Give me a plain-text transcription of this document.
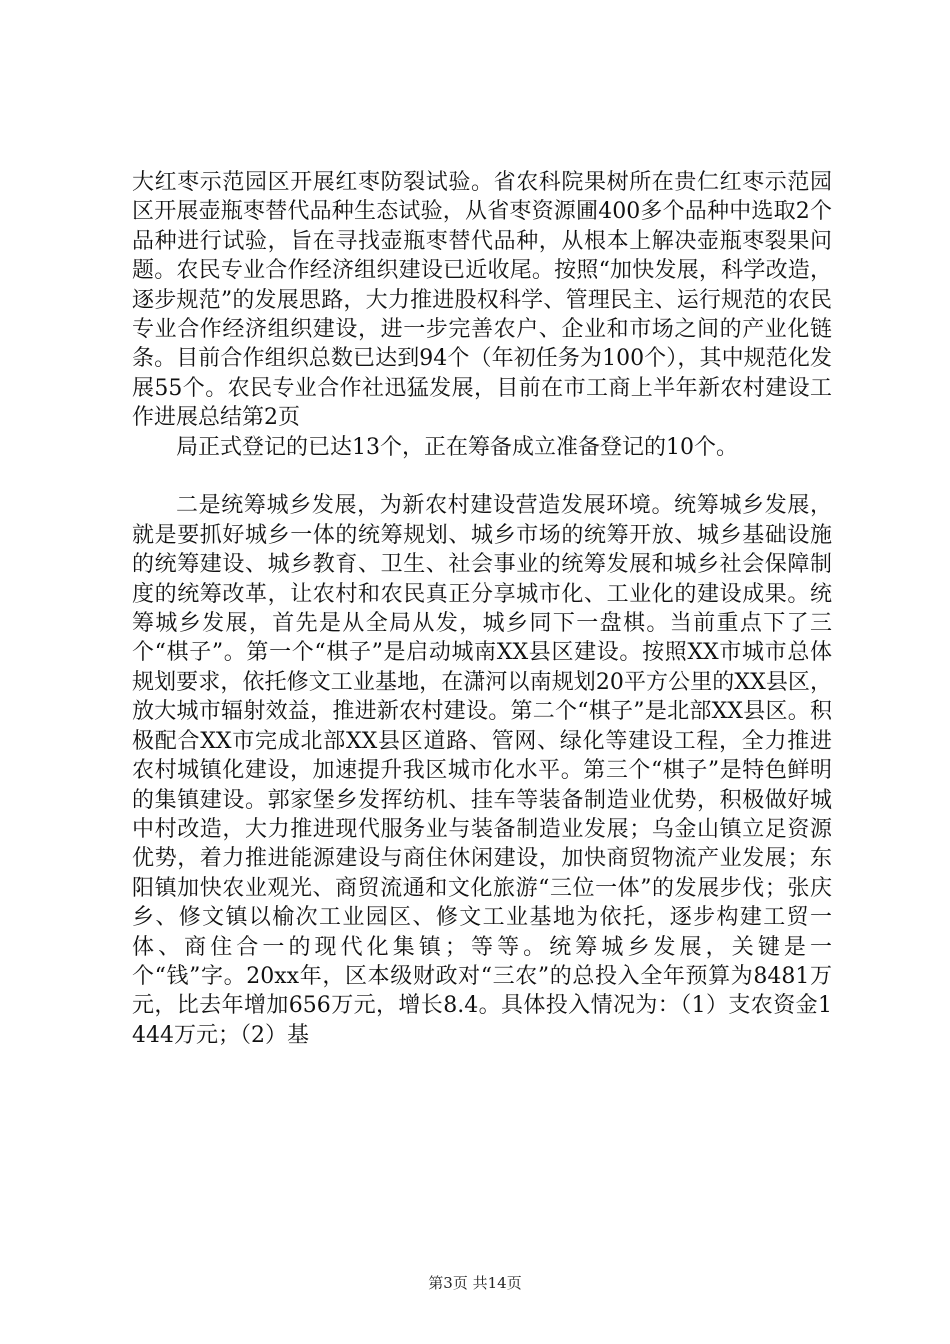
大红枣示范园区开展红枣防裂试验。省农科院果树所在贵仁红枣示范园区开展壶瓶枣替代品种生态试验，从省枣资源圃400多个品种中选取2个品种进行试验，旨在寻找壶瓶枣替代品种，从根本上解决壶瓶枣裂果问题。农民专业合作经济组织建设已近收尾。按照“加快发展，科学改造，逐步规范”的发展思路，大力推进股权科学、管理民主、运行规范的农民专业合作经济组织建设，进一步完善农户、企业和市场之间的产业化链条。目前合作组织总数已达到94个（年初任务为100个），其中规范化发展55个。农民专业合作社迅猛发展，目前在市工商上半年新农村建设工作进展总结第2页

局正式登记的已达13个，正在筹备成立准备登记的10个。

二是统筹城乡发展，为新农村建设营造发展环境。统筹城乡发展，就是要抓好城乡一体的统筹规划、城乡市场的统筹开放、城乡基础设施的统筹建设、城乡教育、卫生、社会事业的统筹发展和城乡社会保障制度的统筹改革，让农村和农民真正分享城市化、工业化的建设成果。统筹城乡发展，首先是从全局从发，城乡同下一盘棋。当前重点下了三个“棋子”。第一个“棋子”是启动城南XX县区建设。按照XX市城市总体规划要求，依托修文工业基地，在潇河以南规划20平方公里的XX县区，放大城市辐射效益，推进新农村建设。第二个“棋子”是北部XX县区。积极配合XX市完成北部XX县区道路、管网、绿化等建设工程，全力推进农村城镇化建设，加速提升我区城市化水平。第三个“棋子”是特色鲜明的集镇建设。郭家堡乡发挥纺机、挂车等装备制造业优势，积极做好城中村改造，大力推进现代服务业与装备制造业发展；乌金山镇立足资源优势，着力推进能源建设与商住休闲建设，加快商贸物流产业发展；东阳镇加快农业观光、商贸流通和文化旅游“三位一体”的发展步伐；张庆乡、修文镇以榆次工业园区、修文工业基地为依托，逐步构建工贸一体、商住合一的现代化集镇；等等。统筹城乡发展，关键是一个“钱”字。20xx年，区本级财政对“三农”的总投入全年预算为8481万元，比去年增加656万元，增长8.4。具体投入情况为：（1）支农资金1444万元；（2）基

第3页 共14页
